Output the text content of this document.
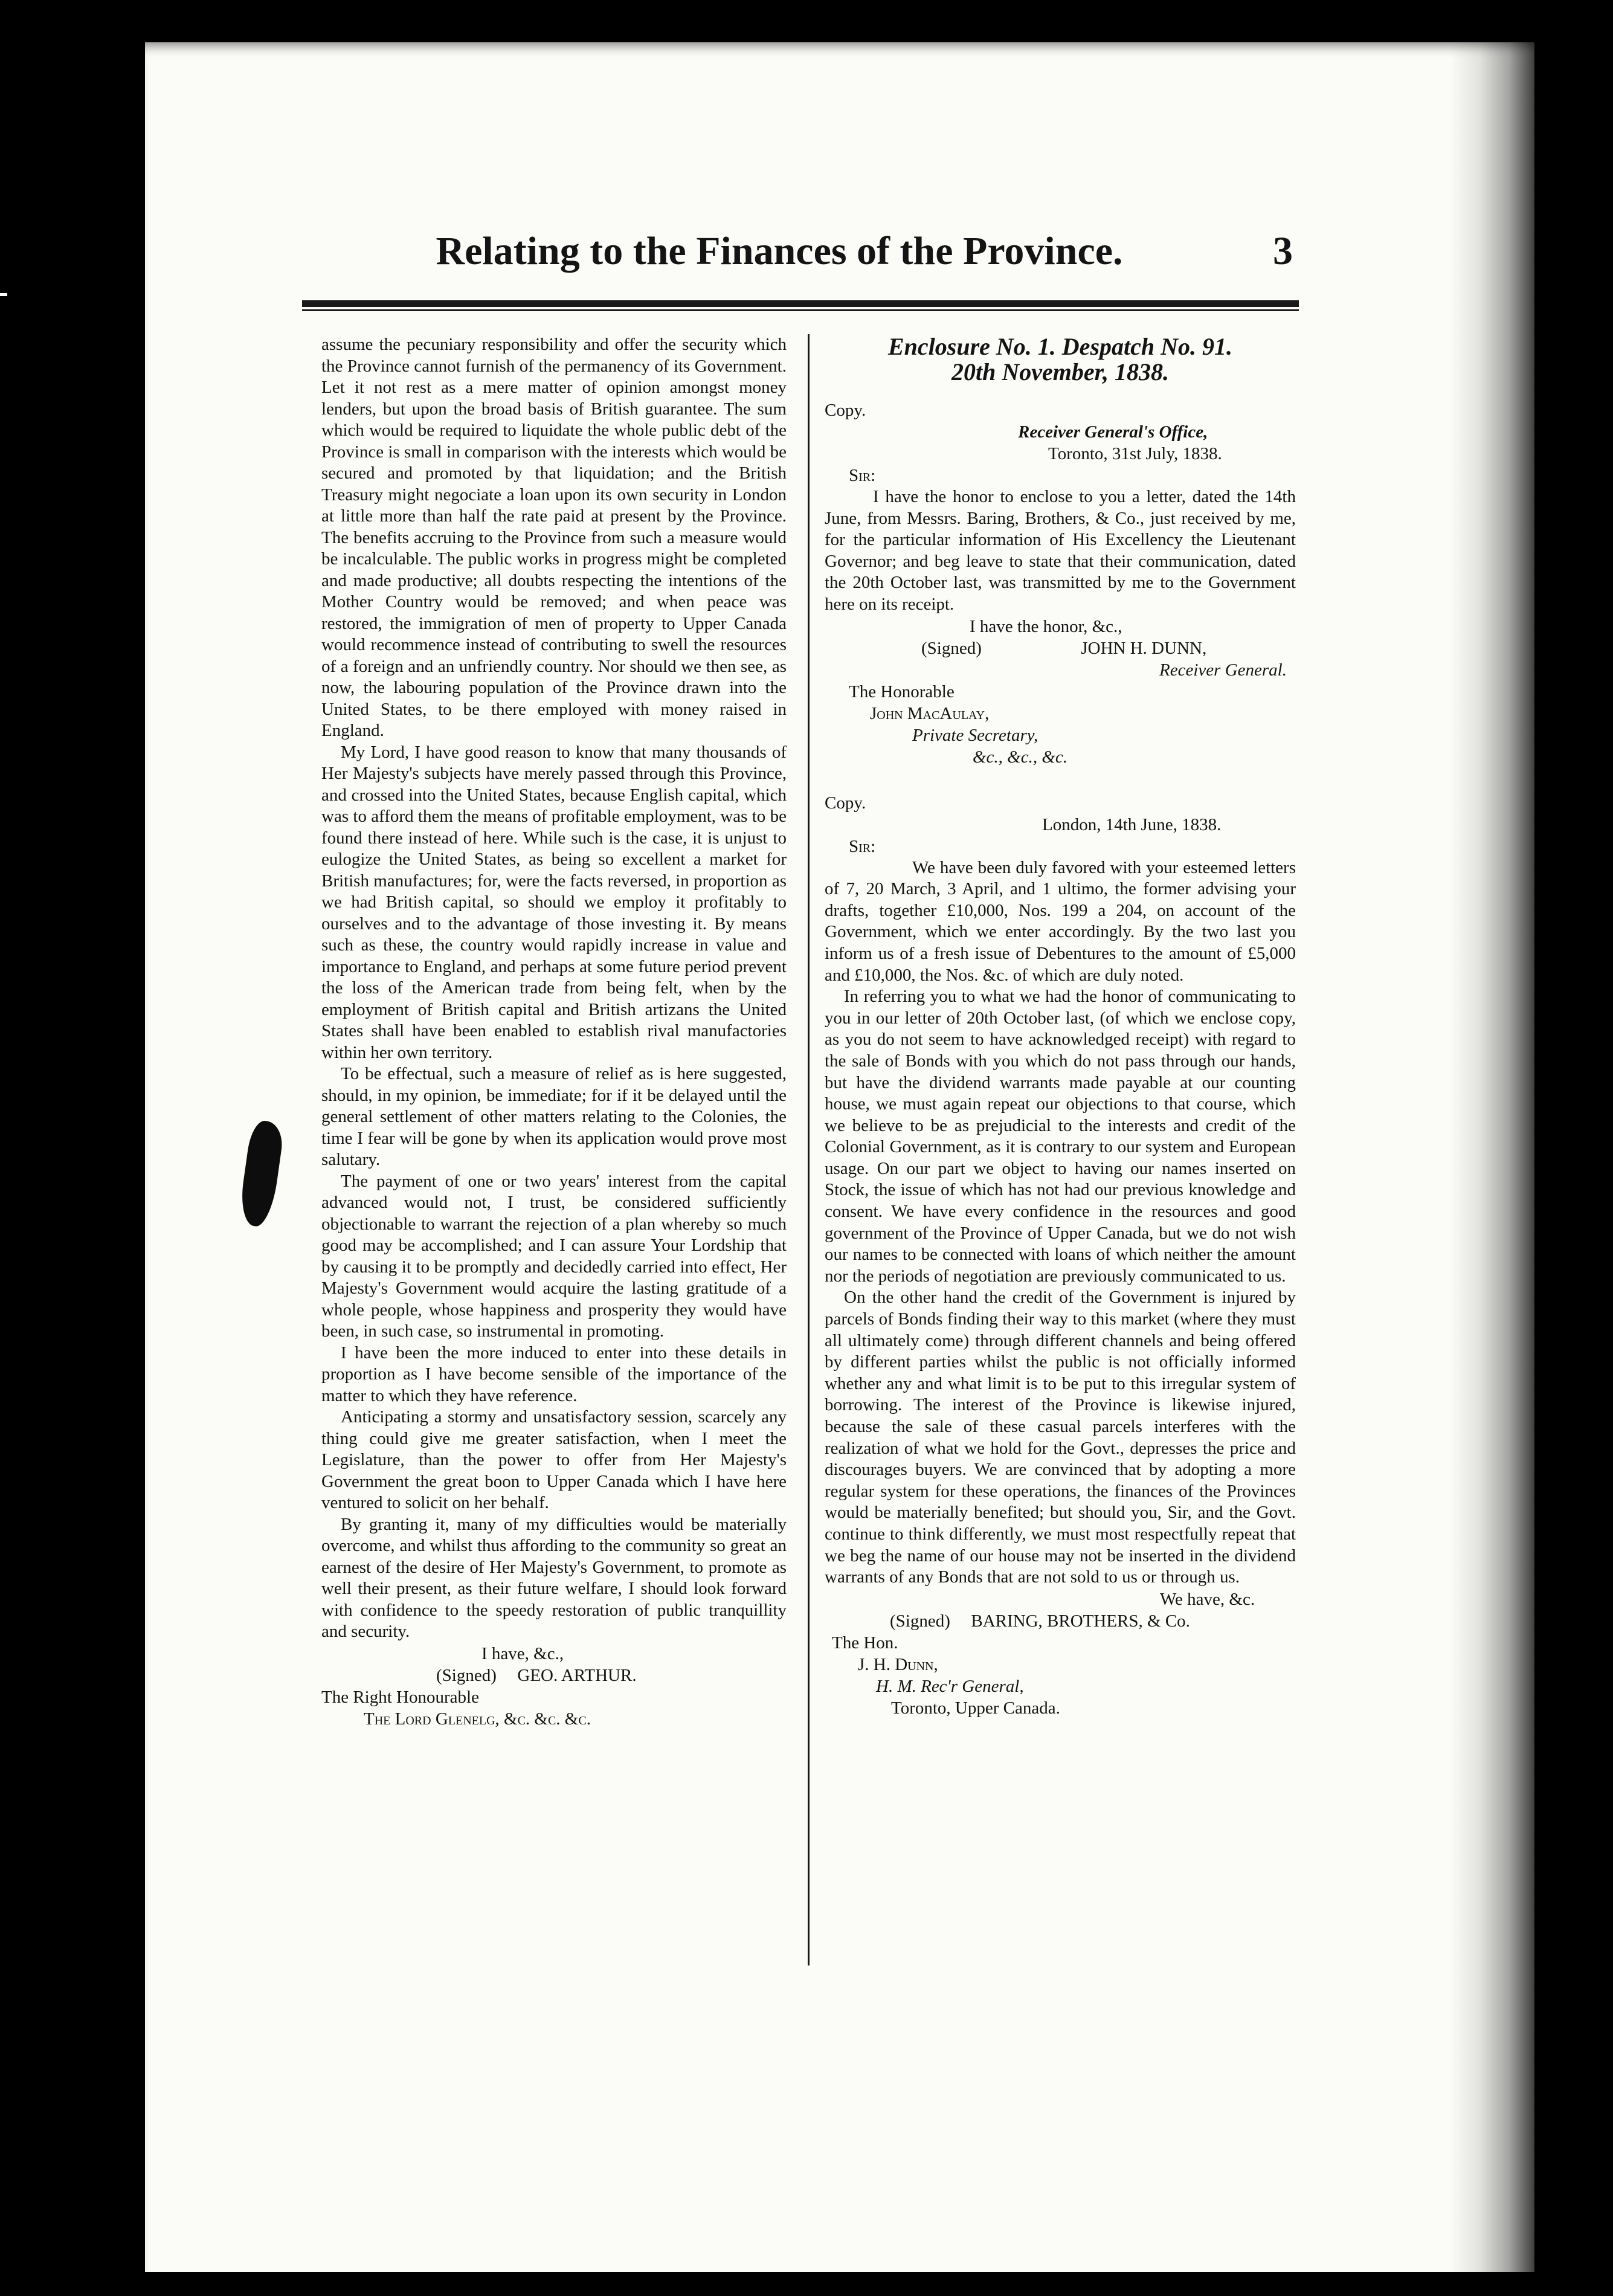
Relating to the Finances of the Province.	3

assume the pecuniary responsibility and offer the security which the Province cannot furnish of the permanency of its Government. Let it not rest as a mere matter of opinion amongst money lenders, but upon the broad basis of British guarantee. The sum which would be required to liquidate the whole public debt of the Province is small in comparison with the interests which would be secured and promoted by that liquidation; and the British Treasury might negociate a loan upon its own security in London at little more than half the rate paid at present by the Province. The benefits accruing to the Province from such a measure would be incalculable. The public works in progress might be completed and made productive; all doubts respecting the intentions of the Mother Country would be removed; and when peace was restored, the immigration of men of property to Upper Canada would recommence instead of contributing to swell the resources of a foreign and an unfriendly country. Nor should we then see, as now, the labouring population of the Province drawn into the United States, to be there employed with money raised in England.

My Lord, I have good reason to know that many thousands of Her Majesty's subjects have merely passed through this Province, and crossed into the United States, because English capital, which was to afford them the means of profitable employment, was to be found there instead of here. While such is the case, it is unjust to eulogize the United States, as being so excellent a market for British manufactures; for, were the facts reversed, in proportion as we had British capital, so should we employ it profitably to ourselves and to the advantage of those investing it. By means such as these, the country would rapidly increase in value and importance to England, and perhaps at some future period prevent the loss of the American trade from being felt, when by the employment of British capital and British artizans the United States shall have been enabled to establish rival manufactories within her own territory.

To be effectual, such a measure of relief as is here suggested, should, in my opinion, be immediate; for if it be delayed until the general settlement of other matters relating to the Colonies, the time I fear will be gone by when its application would prove most salutary.

The payment of one or two years' interest from the capital advanced would not, I trust, be considered sufficiently objectionable to warrant the rejection of a plan whereby so much good may be accomplished; and I can assure Your Lordship that by causing it to be promptly and decidedly carried into effect, Her Majesty's Government would acquire the lasting gratitude of a whole people, whose happiness and prosperity they would have been, in such case, so instrumental in promoting.

I have been the more induced to enter into these details in proportion as I have become sensible of the importance of the matter to which they have reference.

Anticipating a stormy and unsatisfactory session, scarcely any thing could give me greater satisfaction, when I meet the Legislature, than the power to offer from Her Majesty's Government the great boon to Upper Canada which I have here ventured to solicit on her behalf.

By granting it, many of my difficulties would be materially overcome, and whilst thus affording to the community so great an earnest of the desire of Her Majesty's Government, to promote as well their present, as their future welfare, I should look forward with confidence to the speedy restoration of public tranquillity and security.

I have, &c.,
(Signed) GEO. ARTHUR.
The Right Honourable
The Lord Glenelg, &c. &c. &c.
Enclosure No. 1. Despatch No. 91.
20th November, 1838.
Copy.
Receiver General's Office,
Toronto, 31st July, 1838.
Sir:

I have the honor to enclose to you a letter, dated the 14th June, from Messrs. Baring, Brothers, & Co., just received by me, for the particular information of His Excellency the Lieutenant Governor; and beg leave to state that their communication, dated the 20th October last, was transmitted by me to the Government here on its receipt.

I have the honor, &c.,
(Signed)	JOHN H. DUNN,
Receiver General.
The Honorable
John MacAulay,
Private Secretary,
&c., &c., &c.
Copy.
London, 14th June, 1838.
Sir:

We have been duly favored with your esteemed letters of 7, 20 March, 3 April, and 1 ultimo, the former advising your drafts, together £10,000, Nos. 199 a 204, on account of the Government, which we enter accordingly. By the two last you inform us of a fresh issue of Debentures to the amount of £5,000 and £10,000, the Nos. &c. of which are duly noted.

In referring you to what we had the honor of communicating to you in our letter of 20th October last, (of which we enclose copy, as you do not seem to have acknowledged receipt) with regard to the sale of Bonds with you which do not pass through our hands, but have the dividend warrants made payable at our counting house, we must again repeat our objections to that course, which we believe to be as prejudicial to the interests and credit of the Colonial Government, as it is contrary to our system and European usage. On our part we object to having our names inserted on Stock, the issue of which has not had our previous knowledge and consent. We have every confidence in the resources and good government of the Province of Upper Canada, but we do not wish our names to be connected with loans of which neither the amount nor the periods of negotiation are previously communicated to us.

On the other hand the credit of the Government is injured by parcels of Bonds finding their way to this market (where they must all ultimately come) through different channels and being offered by different parties whilst the public is not officially informed whether any and what limit is to be put to this irregular system of borrowing. The interest of the Province is likewise injured, because the sale of these casual parcels interferes with the realization of what we hold for the Govt., depresses the price and discourages buyers. We are convinced that by adopting a more regular system for these operations, the finances of the Provinces would be materially benefited; but should you, Sir, and the Govt. continue to think differently, we must most respectfully repeat that we beg the name of our house may not be inserted in the dividend warrants of any Bonds that are not sold to us or through us.

We have, &c.
(Signed) BARING, BROTHERS, & Co.
The Hon.
J. H. Dunn,
H. M. Rec'r General,
Toronto, Upper Canada.
